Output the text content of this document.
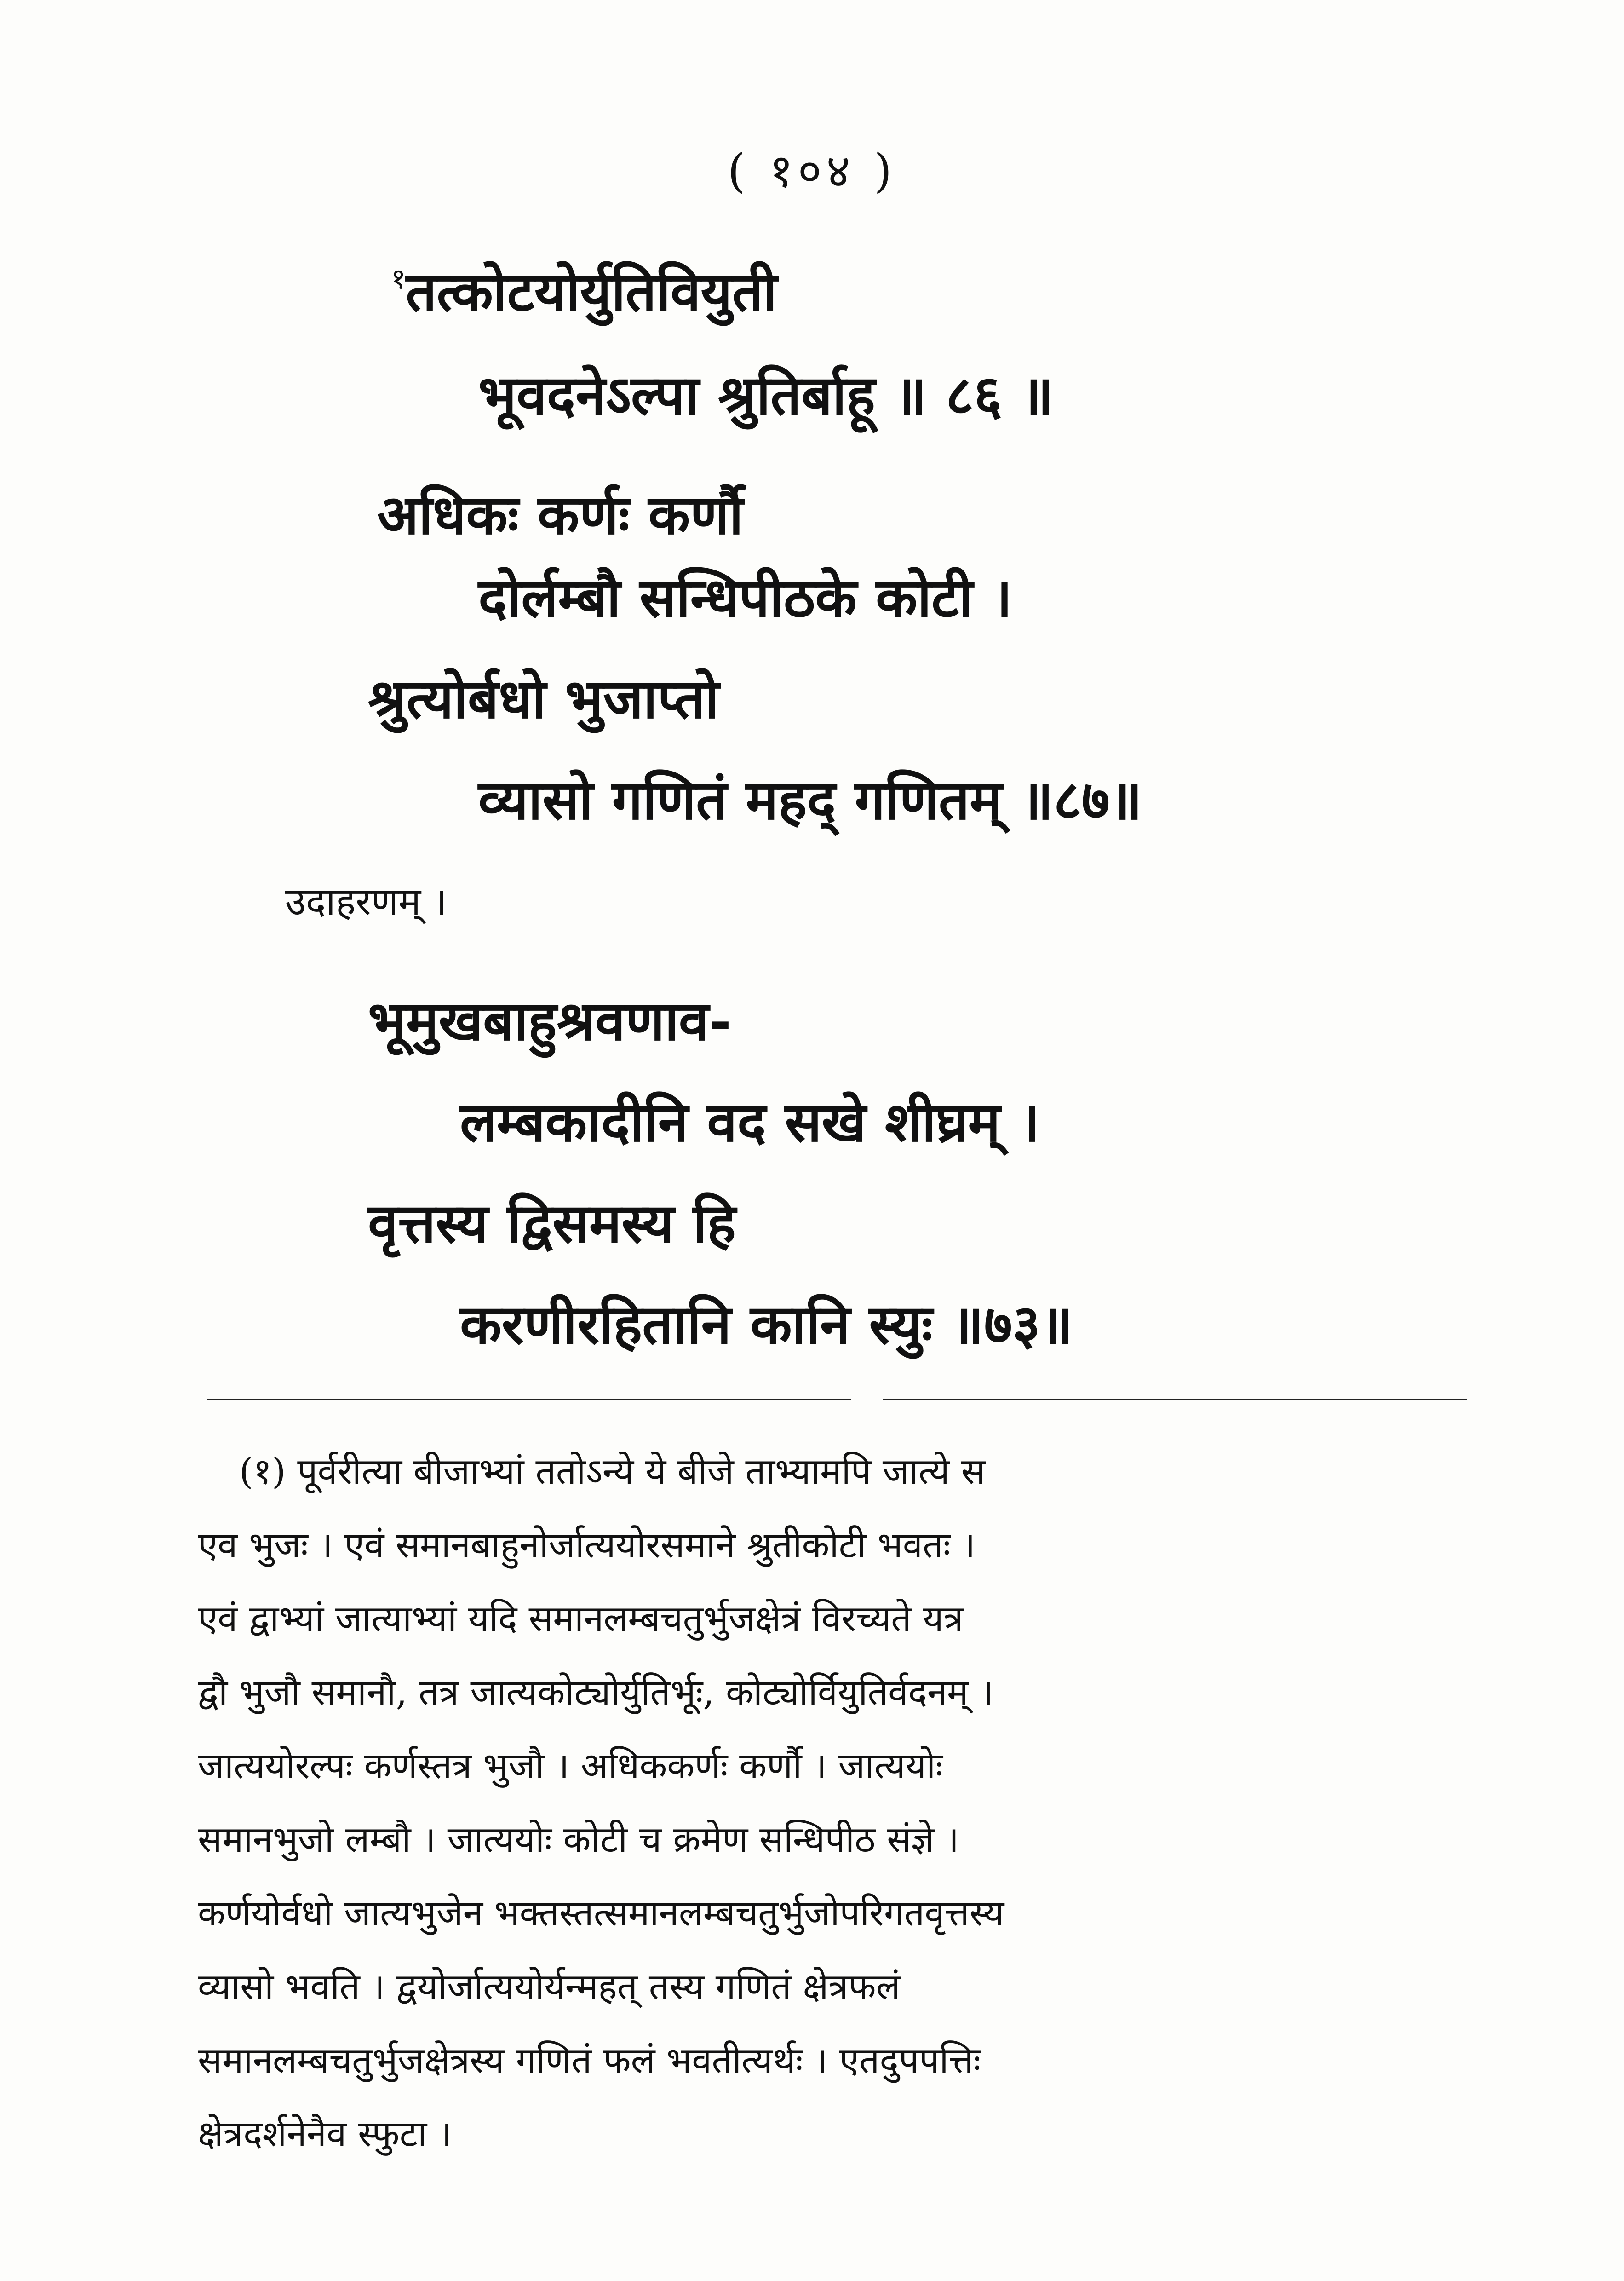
( १०४ )
$^१$तत्कोटयोर्युतिवियुती
भूवदनेऽल्पा श्रुतिर्बाहू ॥ ८६ ॥
अधिकः कर्णः कर्णौ
दोर्लम्बौ सन्धिपीठके कोटी ।
श्रुत्योर्बधो भुजाप्तो
व्यासो गणितं महद्‌ गणितम् ॥८७॥
उदाहरणम् ।
भूमुखबाहुश्रवणाव-
लम्बकादीनि वद सखे शीघ्रम् ।
वृत्तस्य द्विसमस्य हि
करणीरहितानि कानि स्युः ॥७३॥
(१) पूर्वरीत्या बीजाभ्यां ततोऽन्ये ये बीजे ताभ्यामपि जात्ये स
एव भुजः । एवं समानबाहुनोर्जात्ययोरसमाने श्रुतीकोटी भवतः ।
एवं द्वाभ्यां जात्याभ्यां यदि समानलम्बचतुर्भुजक्षेत्रं विरच्यते यत्र
द्वौ भुजौ समानौ, तत्र जात्यकोट्योर्युतिर्भूः, कोट्योर्वियुतिर्वदनम् ।
जात्ययोरल्पः कर्णस्तत्र भुजौ । अधिककर्णः कर्णौ । जात्ययोः
समानभुजो लम्बौ । जात्ययोः कोटी च क्रमेण सन्धिपीठ संज्ञे ।
कर्णयोर्वधो जात्यभुजेन भक्तस्तत्समानलम्बचतुर्भुजोपरिगतवृत्तस्य
व्यासो भवति । द्वयोर्जात्ययोर्यन्महत् तस्य गणितं क्षेत्रफलं
समानलम्बचतुर्भुजक्षेत्रस्य गणितं फलं भवतीत्यर्थः । एतदुपपत्तिः
क्षेत्रदर्शनेनैव स्फुटा ।
